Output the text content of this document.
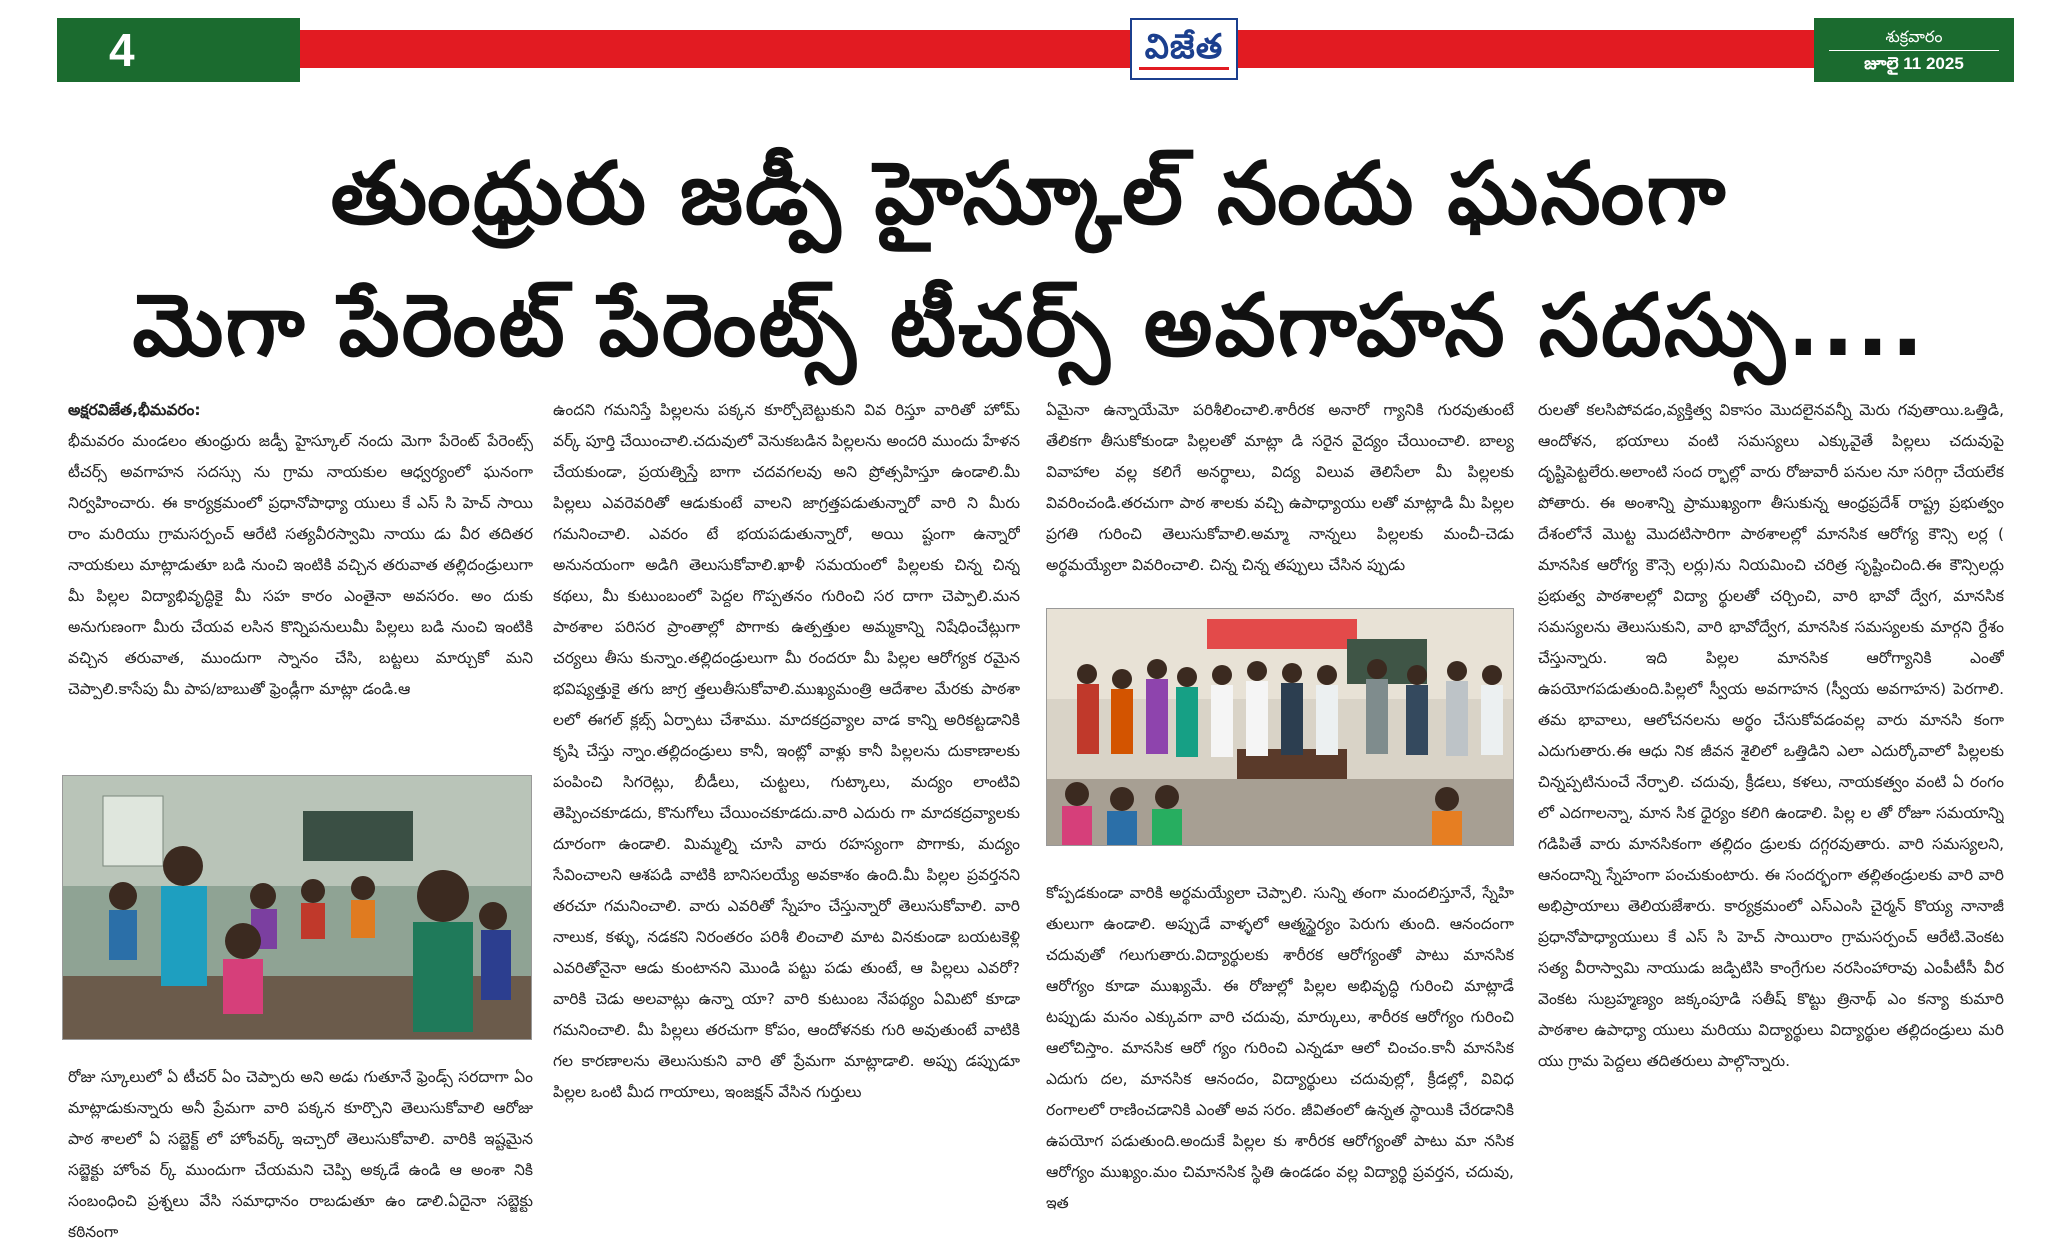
4	విజేత	శుక్రవారం
జూలై 11 2025
తుంధ్రురు జడ్పీ హైస్కూల్ నందు ఘనంగా
మెగా పేరెంట్ పేరెంట్స్ టీచర్స్ అవగాహన సదస్సు....

అక్షరవిజేత,భీమవరం:

భీమవరం మండలం తుంధ్రురు జడ్పీ హైస్కూల్ నందు మెగా పేరెంట్ పేరెంట్స్ టీచర్స్ అవగాహన సదస్సు ను గ్రామ నాయకుల ఆధ్వర్యంలో ఘనంగా నిర్వహించారు. ఈ కార్యక్రమంలో ప్రధానోపాధ్యా యులు కే ఎస్ సి హెచ్ సాయి రాం మరియు గ్రామసర్పంచ్ ఆరేటి సత్యవీరస్వామి నాయు డు వీర తదితర నాయకులు మాట్లాడుతూ బడి నుంచి ఇంటికి వచ్చిన తరువాత తల్లిదండ్రులుగా మీ పిల్లల విద్యాభివృద్ధికై మీ సహ కారం ఎంతైనా అవసరం. అం దుకు అనుగుణంగా మీరు చేయవ లసిన కొన్నిపనులుమీ పిల్లలు బడి నుంచి ఇంటికి వచ్చిన తరువాత, ముందుగా స్నానం చేసి, బట్టలు మార్చుకో మని చెప్పాలి.కాసేపు మీ పాప/బాబుతో ఫ్రెండ్లీగా మాట్లా డండి.ఆ

రోజు స్కూలులో ఏ టీచర్ ఏం చెప్పారు అని అడు గుతూనే ఫ్రెండ్స్ సరదాగా ఏం మాట్లాడుకున్నారు అనీ ప్రేమగా వారి పక్కన కూర్చొని తెలుసుకోవాలి ఆరోజు పాఠ శాలలో ఏ సబ్జెక్ట్ లో హోంవర్క్ ఇచ్చారో తెలుసుకోవాలి. వారికి ఇష్టమైన సబ్జెక్టు హోంవ ర్క్ ముందుగా చేయమని చెప్పి అక్కడే ఉండి ఆ అంశా నికి సంబంధించి ప్రశ్నలు వేసి సమాధానం రాబడుతూ ఉం డాలి.ఏదైనా సబ్జెక్టు కఠినంగా

ఉందని గమనిస్తే పిల్లలను పక్కన కూర్చోబెట్టుకుని వివ రిస్తూ వారితో హోమ్ వర్క్ పూర్తి చేయించాలి.చదువులో వెనుకబడిన పిల్లలను అందరి ముందు హేళన చేయకుండా, ప్రయత్నిస్తే బాగా చదవగలవు అని ప్రోత్సహిస్తూ ఉండాలి.మీ పిల్లలు ఎవరెవరితో ఆడుకుంటే వాలని జాగ్రత్తపడుతున్నారో వారి ని మీరు గమనించాలి. ఎవరం టే భయపడుతున్నారో, అయి ష్టంగా ఉన్నారో అనునయంగా అడిగి తెలుసుకోవాలి.ఖాళీ సమయంలో పిల్లలకు చిన్న చిన్న కథలు, మీ కుటుంబంలో పెద్దల గొప్పతనం గురించి సర దాగా చెప్పాలి.మన పాఠశాల పరిసర ప్రాంతాల్లో పొగాకు ఉత్పత్తుల అమ్మకాన్ని నిషేధించేట్లుగా చర్యలు తీసు కున్నాం.తల్లిదండ్రులుగా మీ రందరూ మీ పిల్లల ఆరోగ్యక రమైన భవిష్యత్తుకై తగు జాగ్ర త్తలుతీసుకోవాలి.ముఖ్యమంత్రి ఆదేశాల మేరకు పాఠశా లలో ఈగల్ క్లబ్స్ ఏర్పాటు చేశాము. మాదకద్రవ్యాల వాడ కాన్ని అరికట్టడానికి కృషి చేస్తు న్నాం.తల్లిదండ్రులు కానీ, ఇంట్లో వాళ్లు కానీ పిల్లలను దుకాణాలకు పంపించి సిగరెట్లు, బీడీలు, చుట్టలు, గుట్కాలు, మద్యం లాంటివి తెప్పించకూడదు, కొనుగోలు చేయించకూడదు.వారి ఎదురు గా మాదకద్రవ్యాలకు దూరంగా ఉండాలి. మిమ్మల్ని చూసి వారు రహస్యంగా పొగాకు, మద్యం సేవించాలని ఆశపడి వాటికి బానిసలయ్యే అవకాశం ఉంది.మీ పిల్లల ప్రవర్తనని తరచూ గమనించాలి. వారు ఎవరితో స్నేహం చేస్తున్నారో తెలుసుకోవాలి. వారి నాలుక, కళ్ళు, నడకని నిరంతరం పరిశీ లించాలి మాట వినకుండా బయటకెళ్లి ఎవరితోనైనా ఆడు కుంటానని మొండి పట్టు పడు తుంటే, ఆ పిల్లలు ఎవరో? వారికి చెడు అలవాట్లు ఉన్నా యా? వారి కుటుంబ నేపథ్యం ఏమిటో కూడా గమనించాలి. మీ పిల్లలు తరచుగా కోపం, ఆందోళనకు గురి అవుతుంటే వాటికి గల కారణాలను తెలుసుకుని వారి తో ప్రేమగా మాట్లాడాలి. అప్పు డప్పుడూ పిల్లల ఒంటి మీద గాయాలు, ఇంజక్షన్ వేసిన గుర్తులు

ఏమైనా ఉన్నాయేమో పరిశీలించాలి.శారీరక అనారో గ్యానికి గురవుతుంటే తేలికగా తీసుకోకుండా పిల్లలతో మాట్లా డి సరైన వైద్యం చేయించాలి. బాల్య వివాహాల వల్ల కలిగే అనర్థాలు, విద్య విలువ తెలిసేలా మీ పిల్లలకు వివరించండి.తరచుగా పాఠ శాలకు వచ్చి ఉపాధ్యాయు లతో మాట్లాడి మీ పిల్లల ప్రగతి గురించి తెలుసుకోవాలి.అమ్మా నాన్నలు పిల్లలకు మంచీ-చెడు అర్థమయ్యేలా వివరించాలి. చిన్న చిన్న తప్పులు చేసిన ప్పుడు

కోప్పడకుండా వారికి అర్థమయ్యేలా చెప్పాలి. సున్ని తంగా మందలిస్తూనే, స్నేహి తులుగా ఉండాలి. అప్పుడే వాళ్ళలో ఆత్మస్థైర్యం పెరుగు తుంది. ఆనందంగా చదువుతో గలుగుతారు.విద్యార్థులకు శారీరక ఆరోగ్యంతో పాటు మానసిక ఆరోగ్యం కూడా ముఖ్యమే. ఈ రోజుల్లో పిల్లల అభివృద్ధి గురించి మాట్లాడే టప్పుడు మనం ఎక్కువగా వారి చదువు, మార్కులు, శారీరక ఆరోగ్యం గురించి ఆలోచిస్తాం. మానసిక ఆరో గ్యం గురించి ఎన్నడూ ఆలో చించం.కానీ మానసిక ఎదుగు దల, మానసిక ఆనందం, విద్యార్థులు చదువుల్లో, క్రీడల్లో, వివిధ రంగాలలో రాణించడానికి ఎంతో అవ సరం. జీవితంలో ఉన్నత స్థాయికి చేరడానికి ఉపయోగ పడుతుంది.అందుకే పిల్లల కు శారీరక ఆరోగ్యంతో పాటు మా నసిక ఆరోగ్యం ముఖ్యం.మం చిమానసిక స్థితి ఉండడం వల్ల విద్యార్థి ప్రవర్తన, చదువు, ఇత

రులతో కలసిపోవడం,వ్యక్తిత్వ వికాసం మొదలైనవన్నీ మెరు గవుతాయి.ఒత్తిడి, ఆందోళన, భయాలు వంటి సమస్యలు ఎక్కువైతే పిల్లలు చదువుపై దృష్టిపెట్టలేరు.అలాంటి సంద ర్భాల్లో వారు రోజువారీ పనుల నూ సరిగ్గా చేయలేక పోతారు. ఈ అంశాన్ని ప్రాముఖ్యంగా తీసుకున్న ఆంధ్రప్రదేశ్ రాష్ట్ర ప్రభుత్వం దేశంలోనే మొట్ట మొదటిసారిగా పాఠశాలల్లో మానసిక ఆరోగ్య కౌన్సి లర్ల ( మానసిక ఆరోగ్య కౌన్సె లర్లు)ను నియమించి చరిత్ర సృష్టించింది.ఈ కౌన్సిలర్లు ప్రభుత్వ పాఠశాలల్లో విద్యా ర్థులతో చర్చించి, వారి భావో ద్వేగ, మానసిక సమస్యలను తెలుసుకుని, వారి భావోద్వేగ, మానసిక సమస్యలకు మార్గని ర్దేశం చేస్తున్నారు. ఇది పిల్లల మానసిక ఆరోగ్యానికి ఎంతో ఉపయోగపడుతుంది.పిల్లలో స్వీయ అవగాహన (స్వీయ అవగాహన) పెరగాలి. తమ భావాలు, ఆలోచనలను అర్థం చేసుకోవడంవల్ల వారు మానసి కంగా ఎదుగుతారు.ఈ ఆధు నిక జీవన శైలిలో ఒత్తిడిని ఎలా ఎదుర్కోవాలో పిల్లలకు చిన్నప్పటినుంచే నేర్పాలి. చదువు, క్రీడలు, కళలు, నాయకత్వం వంటి ఏ రంగం లో ఎదగాలన్నా, మాన సిక ధైర్యం కలిగి ఉండాలి. పిల్ల ల తో రోజూ సమయాన్ని గడిపితే వారు మానసికంగా తల్లిదం డ్రులకు దగ్గరవుతారు. వారి సమస్యలని, ఆనందాన్ని స్నేహంగా పంచుకుంటారు. ఈ సందర్భంగా తల్లితండ్రులకు వారి వారి అభిప్రాయాలు తెలియజేశారు. కార్యక్రమంలో ఎస్ఎంసి చైర్మన్ కొయ్య నానాజీ ప్రధానోపాధ్యాయులు కే ఎస్ సి హెచ్ సాయిరాం గ్రామసర్పంచ్ ఆరేటి.వెంకట సత్య వీరాస్వామి నాయుడు జడ్పిటిసి కాంగ్రేగుల నరసింహారావు ఎంపీటీసీ వీర వెంకట సుబ్రహ్మణ్యం జక్కంపూడి సతీష్ కొట్టు త్రినాథ్ ఎం కన్యా కుమారి పాఠశాల ఉపాధ్యా యులు మరియు విద్యార్థులు విద్యార్థుల తల్లిదండ్రులు మరి యు గ్రామ పెద్దలు తదితరులు పాల్గొన్నారు.
